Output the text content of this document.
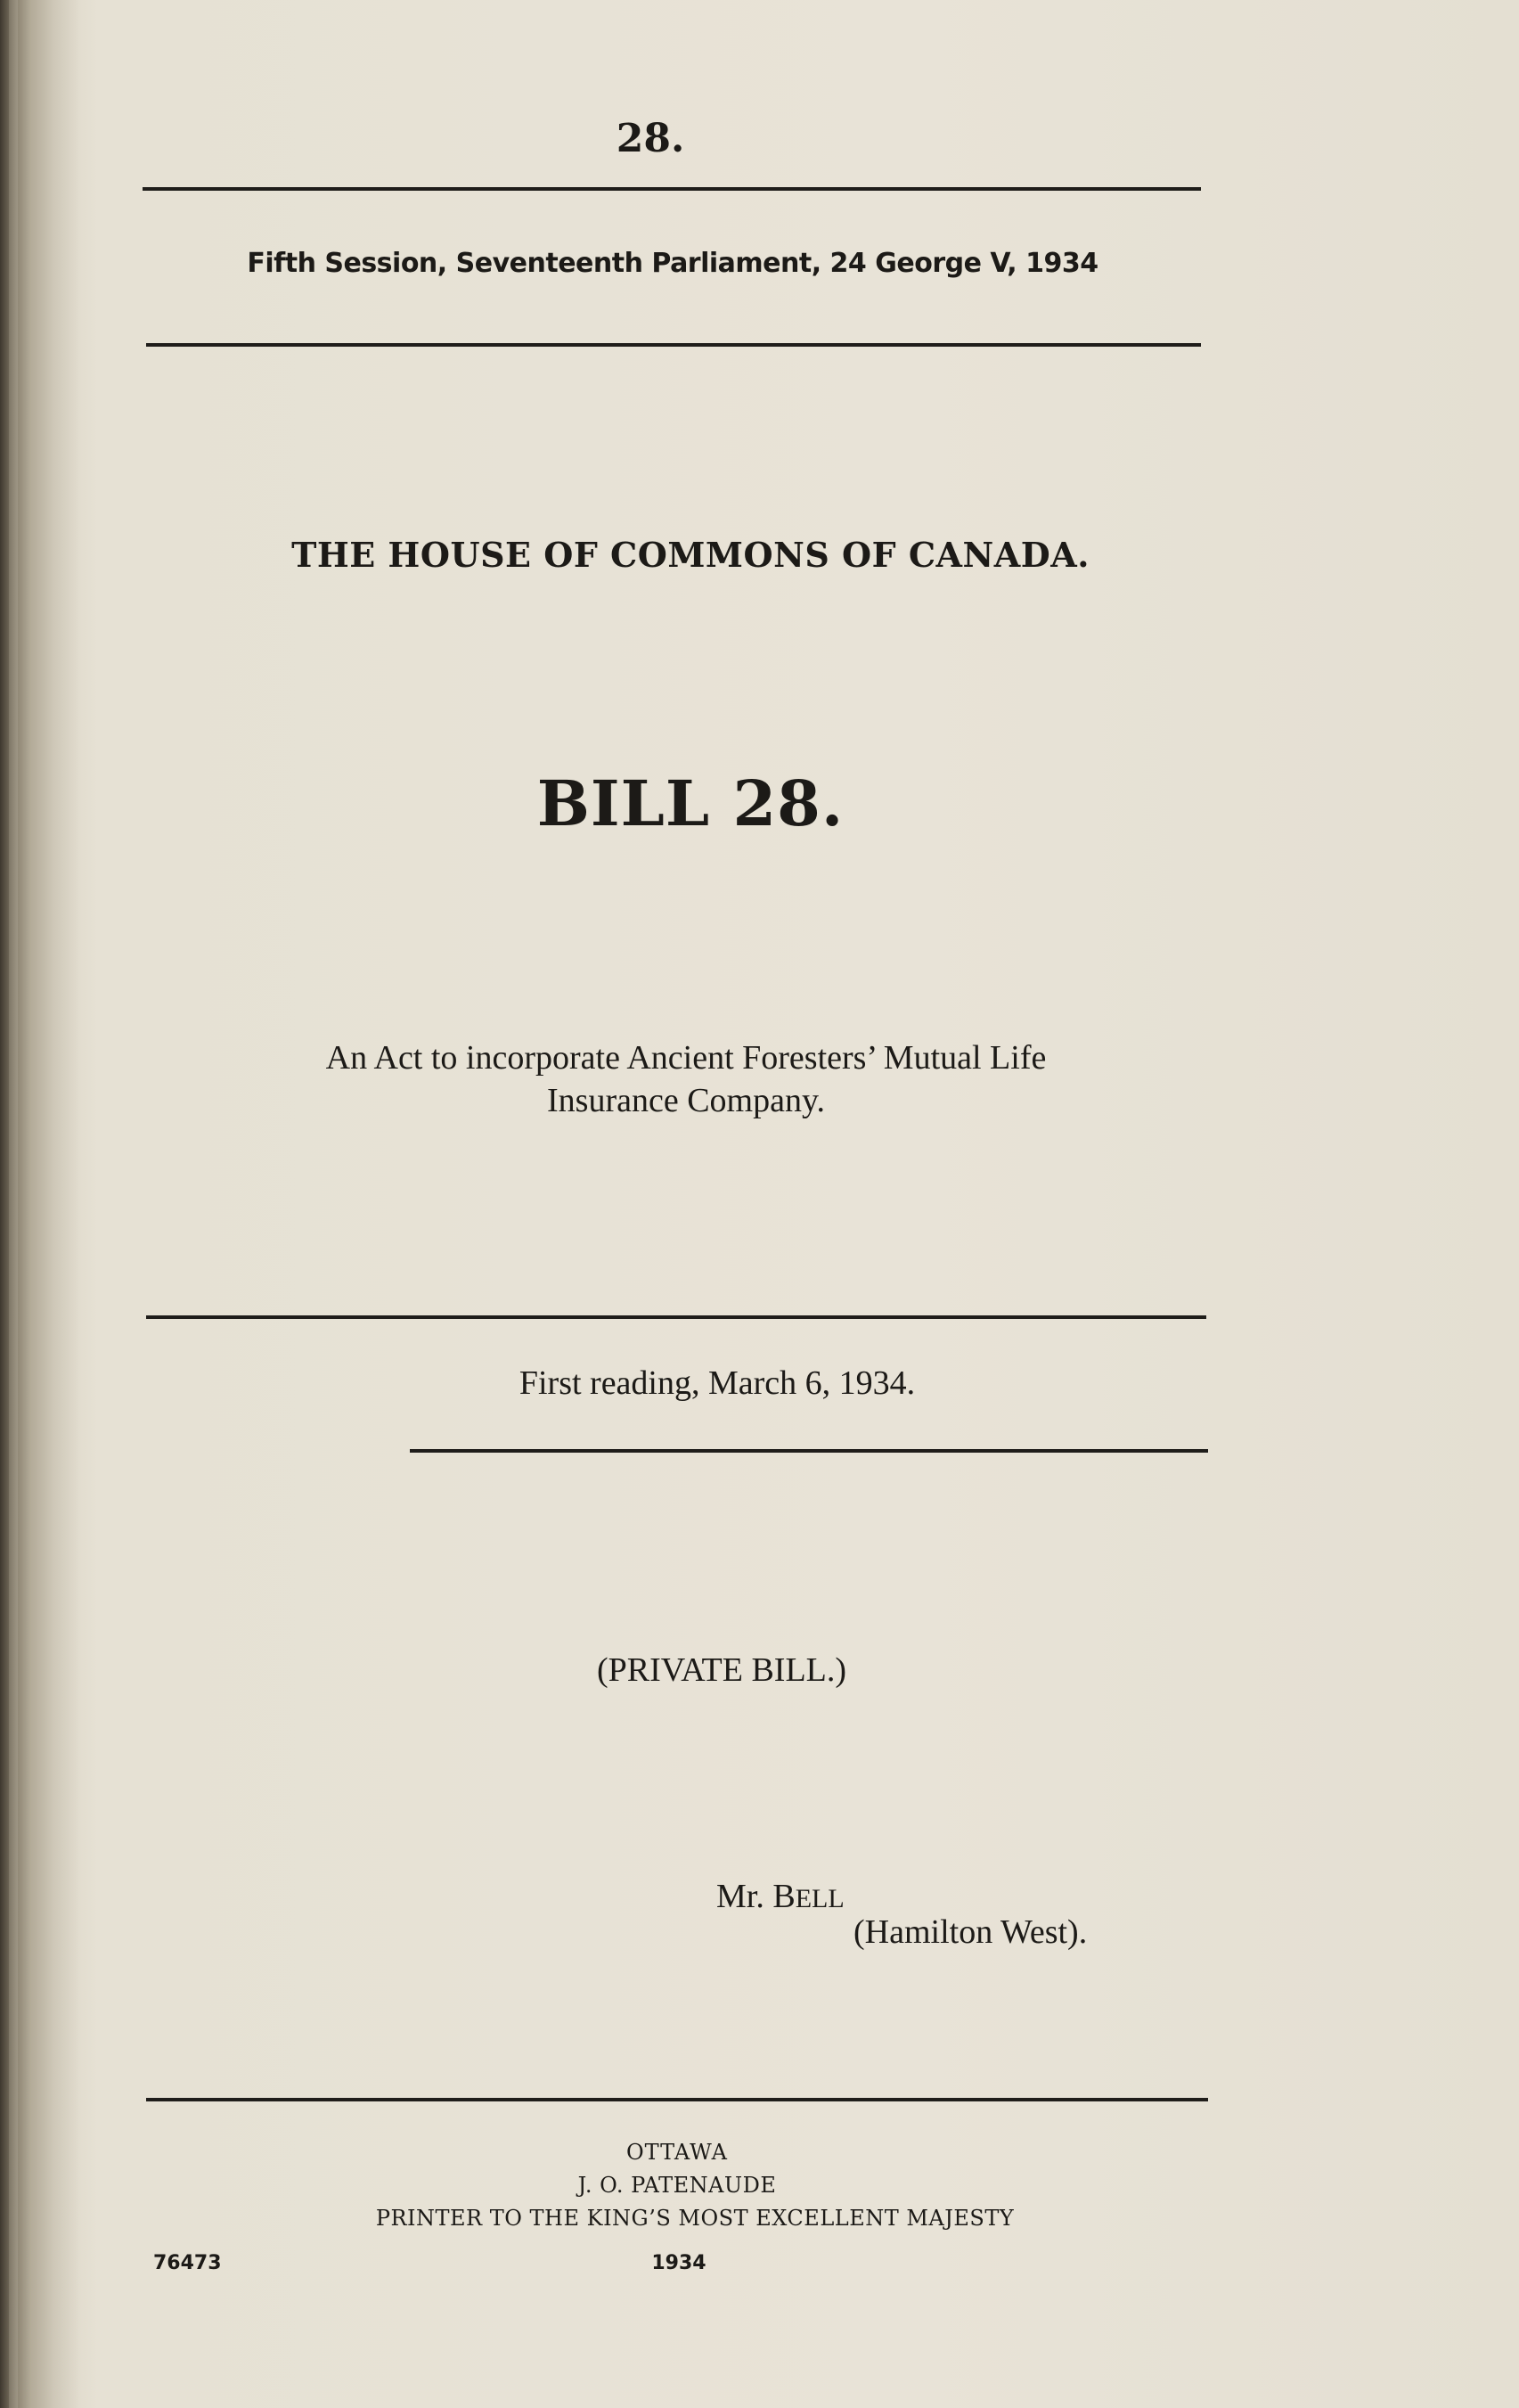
28.

Fifth Session, Seventeenth Parliament, 24 George V, 1934

THE HOUSE OF COMMONS OF CANADA.

BILL 28.

An Act to incorporate Ancient Foresters’ Mutual Life
Insurance Company.

First reading, March 6, 1934.

(PRIVATE BILL.)

Mr. BELL

(Hamilton West).

OTTAWA

J. O. PATENAUDE

PRINTER TO THE KING’S MOST EXCELLENT MAJESTY

76473	1934
